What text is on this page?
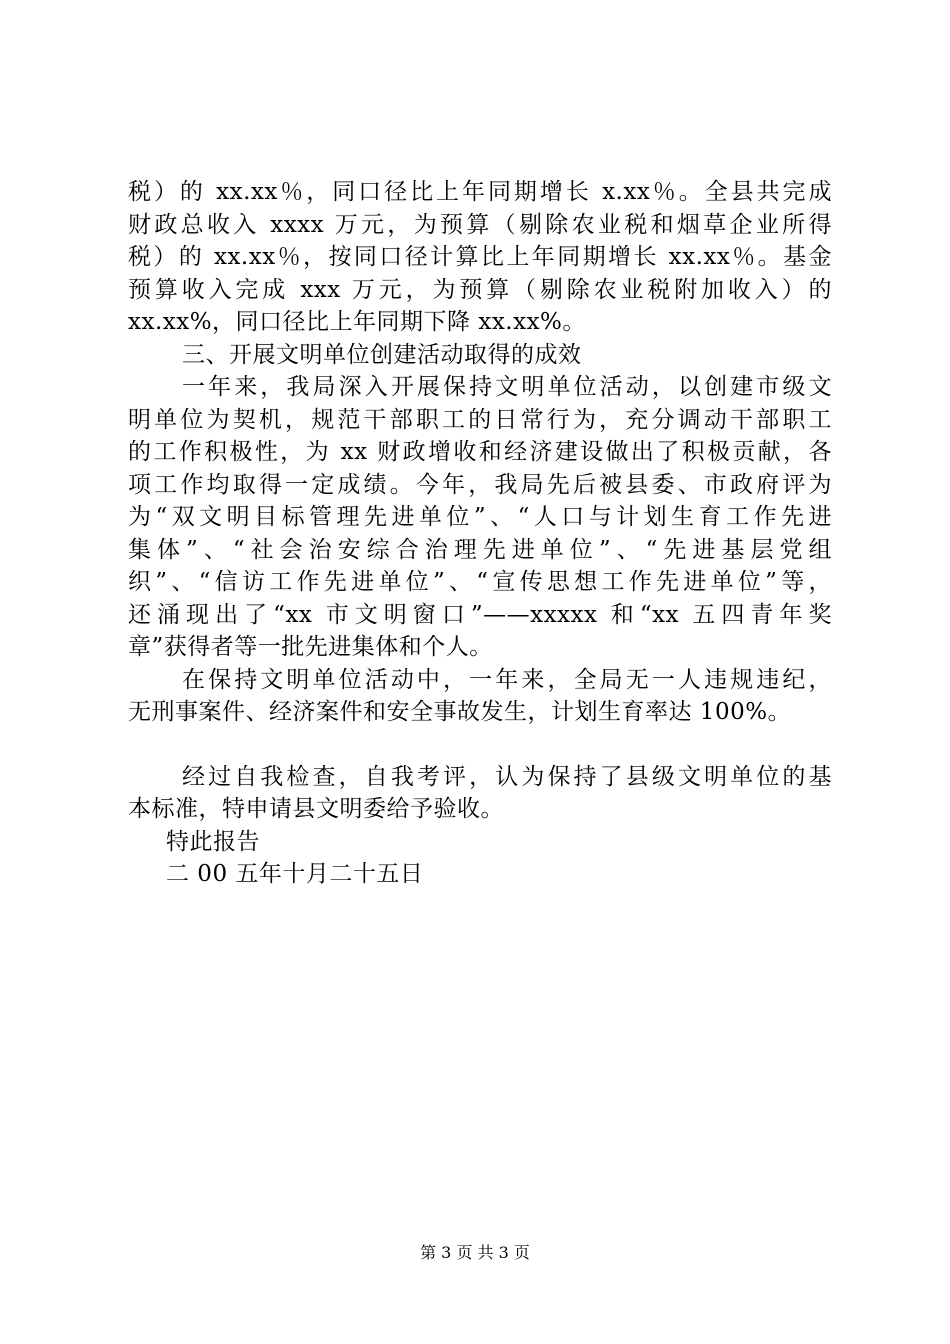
税）的 xx.xx％，同口径比上年同期增长 x.xx％。全县共完成
财政总收入 xxxx 万元，为预算（剔除农业税和烟草企业所得
税）的 xx.xx％，按同口径计算比上年同期增长 xx.xx％。基金
预算收入完成 xxx 万元，为预算（剔除农业税附加收入）的
xx.xx%，同口径比上年同期下降 xx.xx%。
三、开展文明单位创建活动取得的成效
一年来，我局深入开展保持文明单位活动，以创建市级文
明单位为契机，规范干部职工的日常行为，充分调动干部职工
的工作积极性，为 xx 财政增收和经济建设做出了积极贡献，各
项工作均取得一定成绩。今年，我局先后被县委、市政府评为
为“双文明目标管理先进单位”、“人口与计划生育工作先进
集体”、“社会治安综合治理先进单位”、“先进基层党组
织”、“信访工作先进单位”、“宣传思想工作先进单位”等，
还涌现出了“xx 市文明窗口”——xxxxx 和“xx 五四青年奖
章”获得者等一批先进集体和个人。
在保持文明单位活动中，一年来，全局无一人违规违纪，
无刑事案件、经济案件和安全事故发生，计划生育率达 100%。
经过自我检查，自我考评，认为保持了县级文明单位的基
本标准，特申请县文明委给予验收。
特此报告
二 00 五年十月二十五日
第 3 页 共 3 页
